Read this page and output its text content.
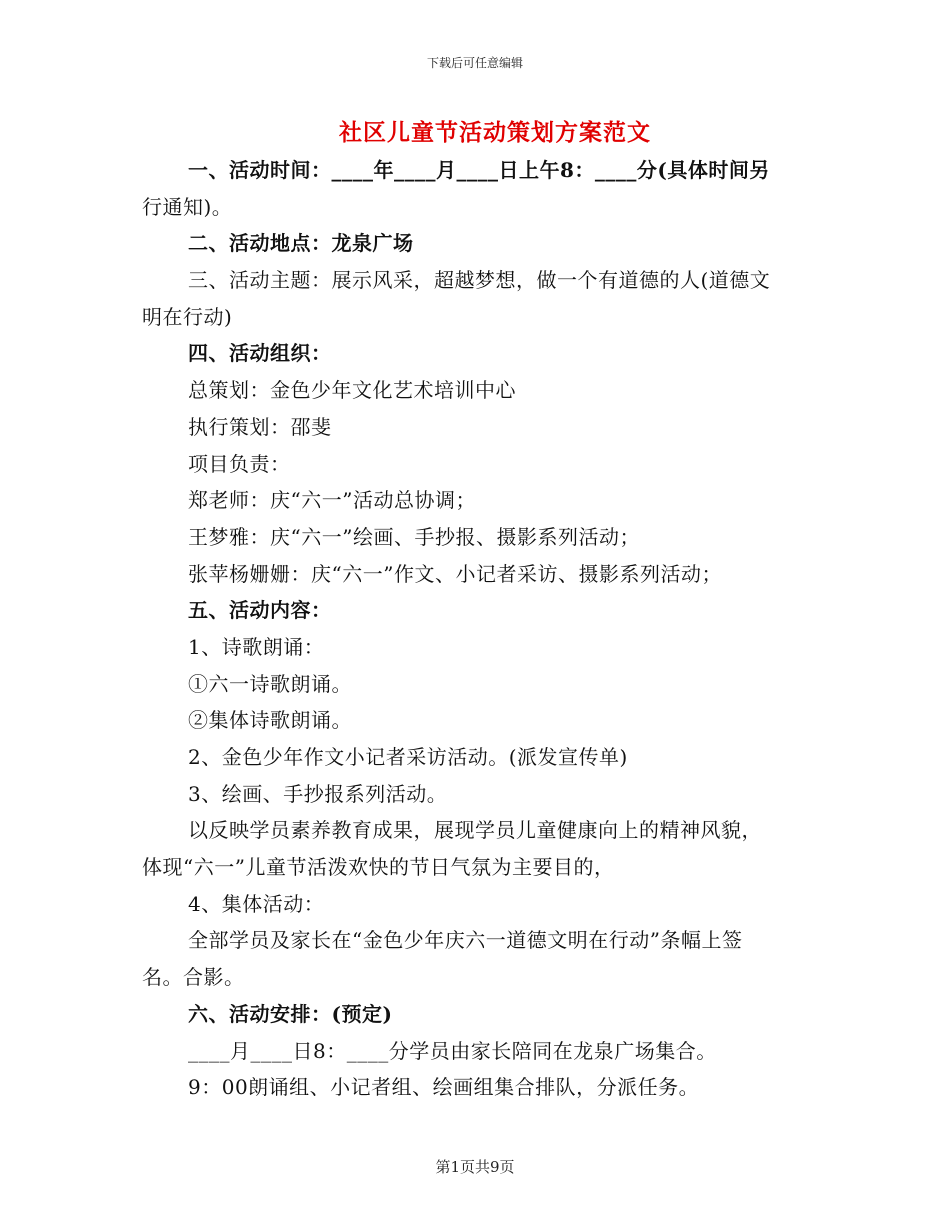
下载后可任意编辑
社区儿童节活动策划方案范文
一、活动时间：____年____月____日上午8：____分(具体时间另
行通知)。
二、活动地点：龙泉广场
三、活动主题：展示风采，超越梦想，做一个有道德的人(道德文
明在行动)
四、活动组织：
总策划：金色少年文化艺术培训中心
执行策划：邵斐
项目负责：
郑老师：庆“六一”活动总协调；
王梦雅：庆“六一”绘画、手抄报、摄影系列活动；
张苹杨姗姗：庆“六一”作文、小记者采访、摄影系列活动；
五、活动内容：
1、诗歌朗诵：
①六一诗歌朗诵。
②集体诗歌朗诵。
2、金色少年作文小记者采访活动。(派发宣传单)
3、绘画、手抄报系列活动。
以反映学员素养教育成果，展现学员儿童健康向上的精神风貌，
体现“六一”儿童节活泼欢快的节日气氛为主要目的，
4、集体活动：
全部学员及家长在“金色少年庆六一道德文明在行动”条幅上签
名。合影。
六、活动安排：(预定)
____月____日8：____分学员由家长陪同在龙泉广场集合。
9：00朗诵组、小记者组、绘画组集合排队，分派任务。
第1页共9页
